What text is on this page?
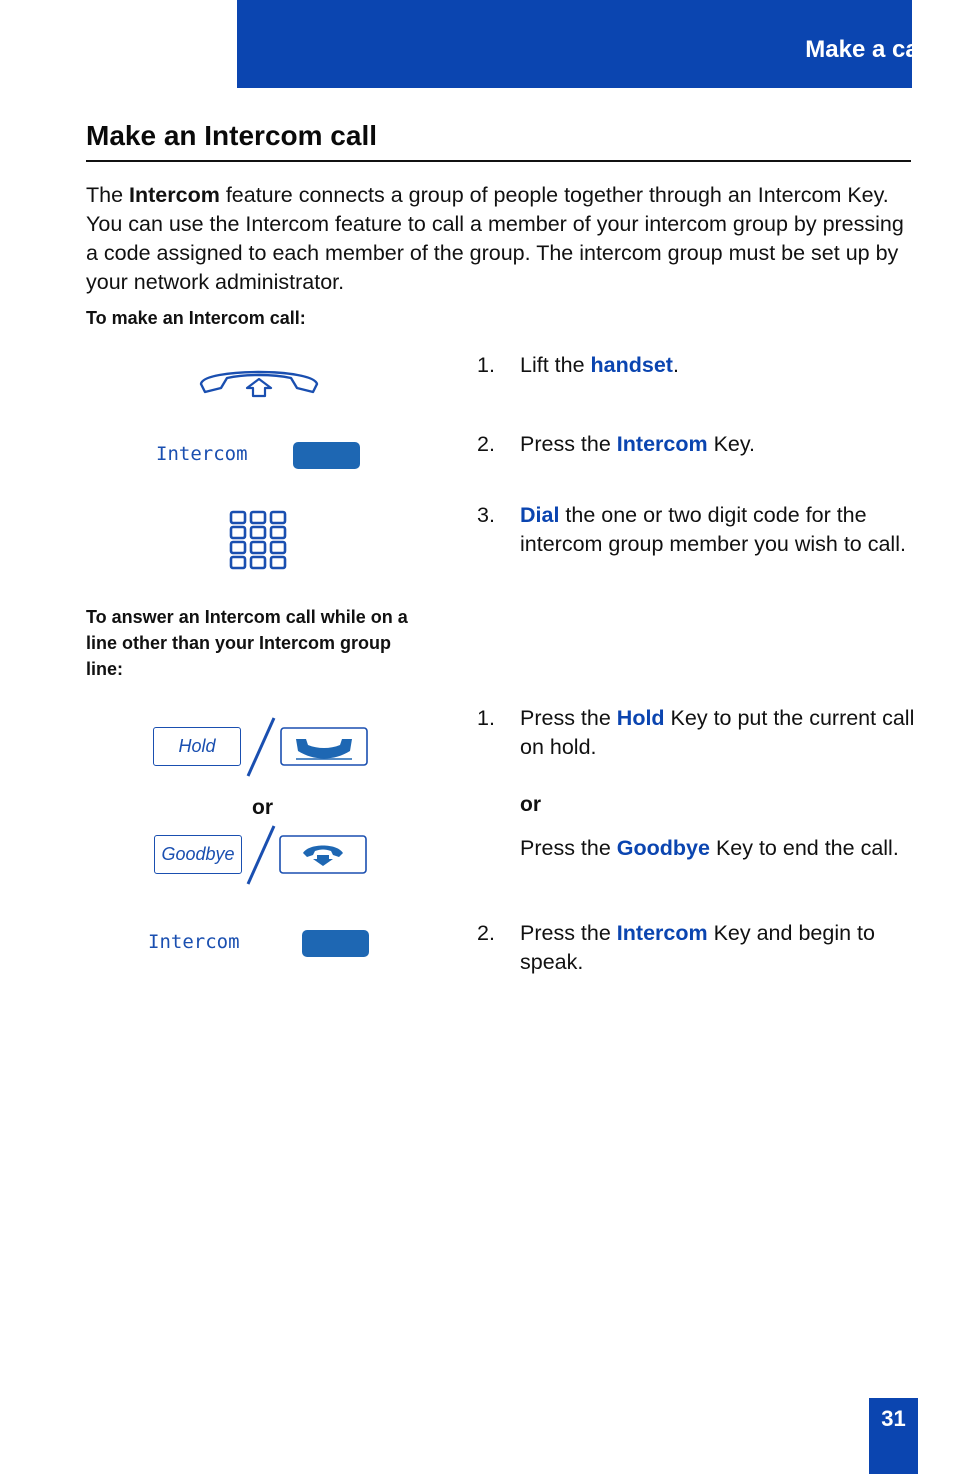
Make a call
Make an Intercom call
The Intercom feature connects a group of people together through an Intercom Key. You can use the Intercom feature to call a member of your intercom group by pressing a code assigned to each member of the group. The intercom group must be set up by your network administrator.
To make an Intercom call:
Intercom
1. Lift the handset.
2. Press the Intercom Key.
3. Dial the one or two digit code for the intercom group member you wish to call.
To answer an Intercom call while on a line other than your Intercom group line:
Hold
or
Goodbye
Intercom
1. Press the Hold Key to put the current call on hold.
or
Press the Goodbye Key to end the call.
2. Press the Intercom Key and begin to speak.
31
